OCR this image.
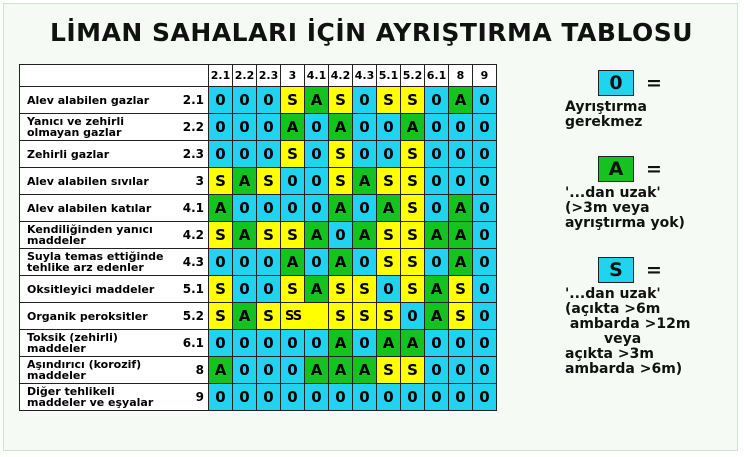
LİMAN SAHALARI İÇİN AYRIŞTIRMA TABLOSU
	2.1	2.2	2.3	3	4.1	4.2	4.3	5.1	5.2	6.1	8	9

Alev alabilen gazlar 2.1	0	0	0	S	A	S	0	S	S	0	A	0

Yanıcı ve zehirli olmayan gazlar 2.2	0	0	0	A	0	A	0	0	A	0	0	0

Zehirli gazlar 2.3	0	0	0	S	0	S	0	0	S	0	0	0

Alev alabilen sıvılar 3	S	A	S	0	0	S	A	S	S	0	0	0

Alev alabilen katılar 4.1	A	0	0	0	0	A	0	A	S	0	A	0

Kendiliğinden yanıcı maddeler 4.2	S	A	S	S	A	0	A	S	S	A	A	0

Suyla temas ettiğinde tehlike arz edenler 4.3	0	0	0	A	0	A	0	S	S	0	A	0

Oksitleyici maddeler 5.1	S	0	0	S	A	S	S	0	S	A	S	0

Organik peroksitler 5.2	S	A	S	SS		S	S	S	0	A	S	0

Toksik (zehirli) maddeler 6.1	0	0	0	0	0	A	0	A	A	0	0	0

Aşındırıcı (korozif) maddeler 8	A	0	0	0	A	A	A	S	S	0	0	0

Diğer tehlikeli maddeler ve eşyalar 9	0	0	0	0	0	0	0	0	0	0	0	0
0 =
Ayrıştırma
gerekmez
A =
'...dan uzak'
(>3m veya
ayrıştırma yok)
S =
'...dan uzak'
(açıkta >6m
ambarda >12m
veya
açıkta >3m
ambarda >6m)
